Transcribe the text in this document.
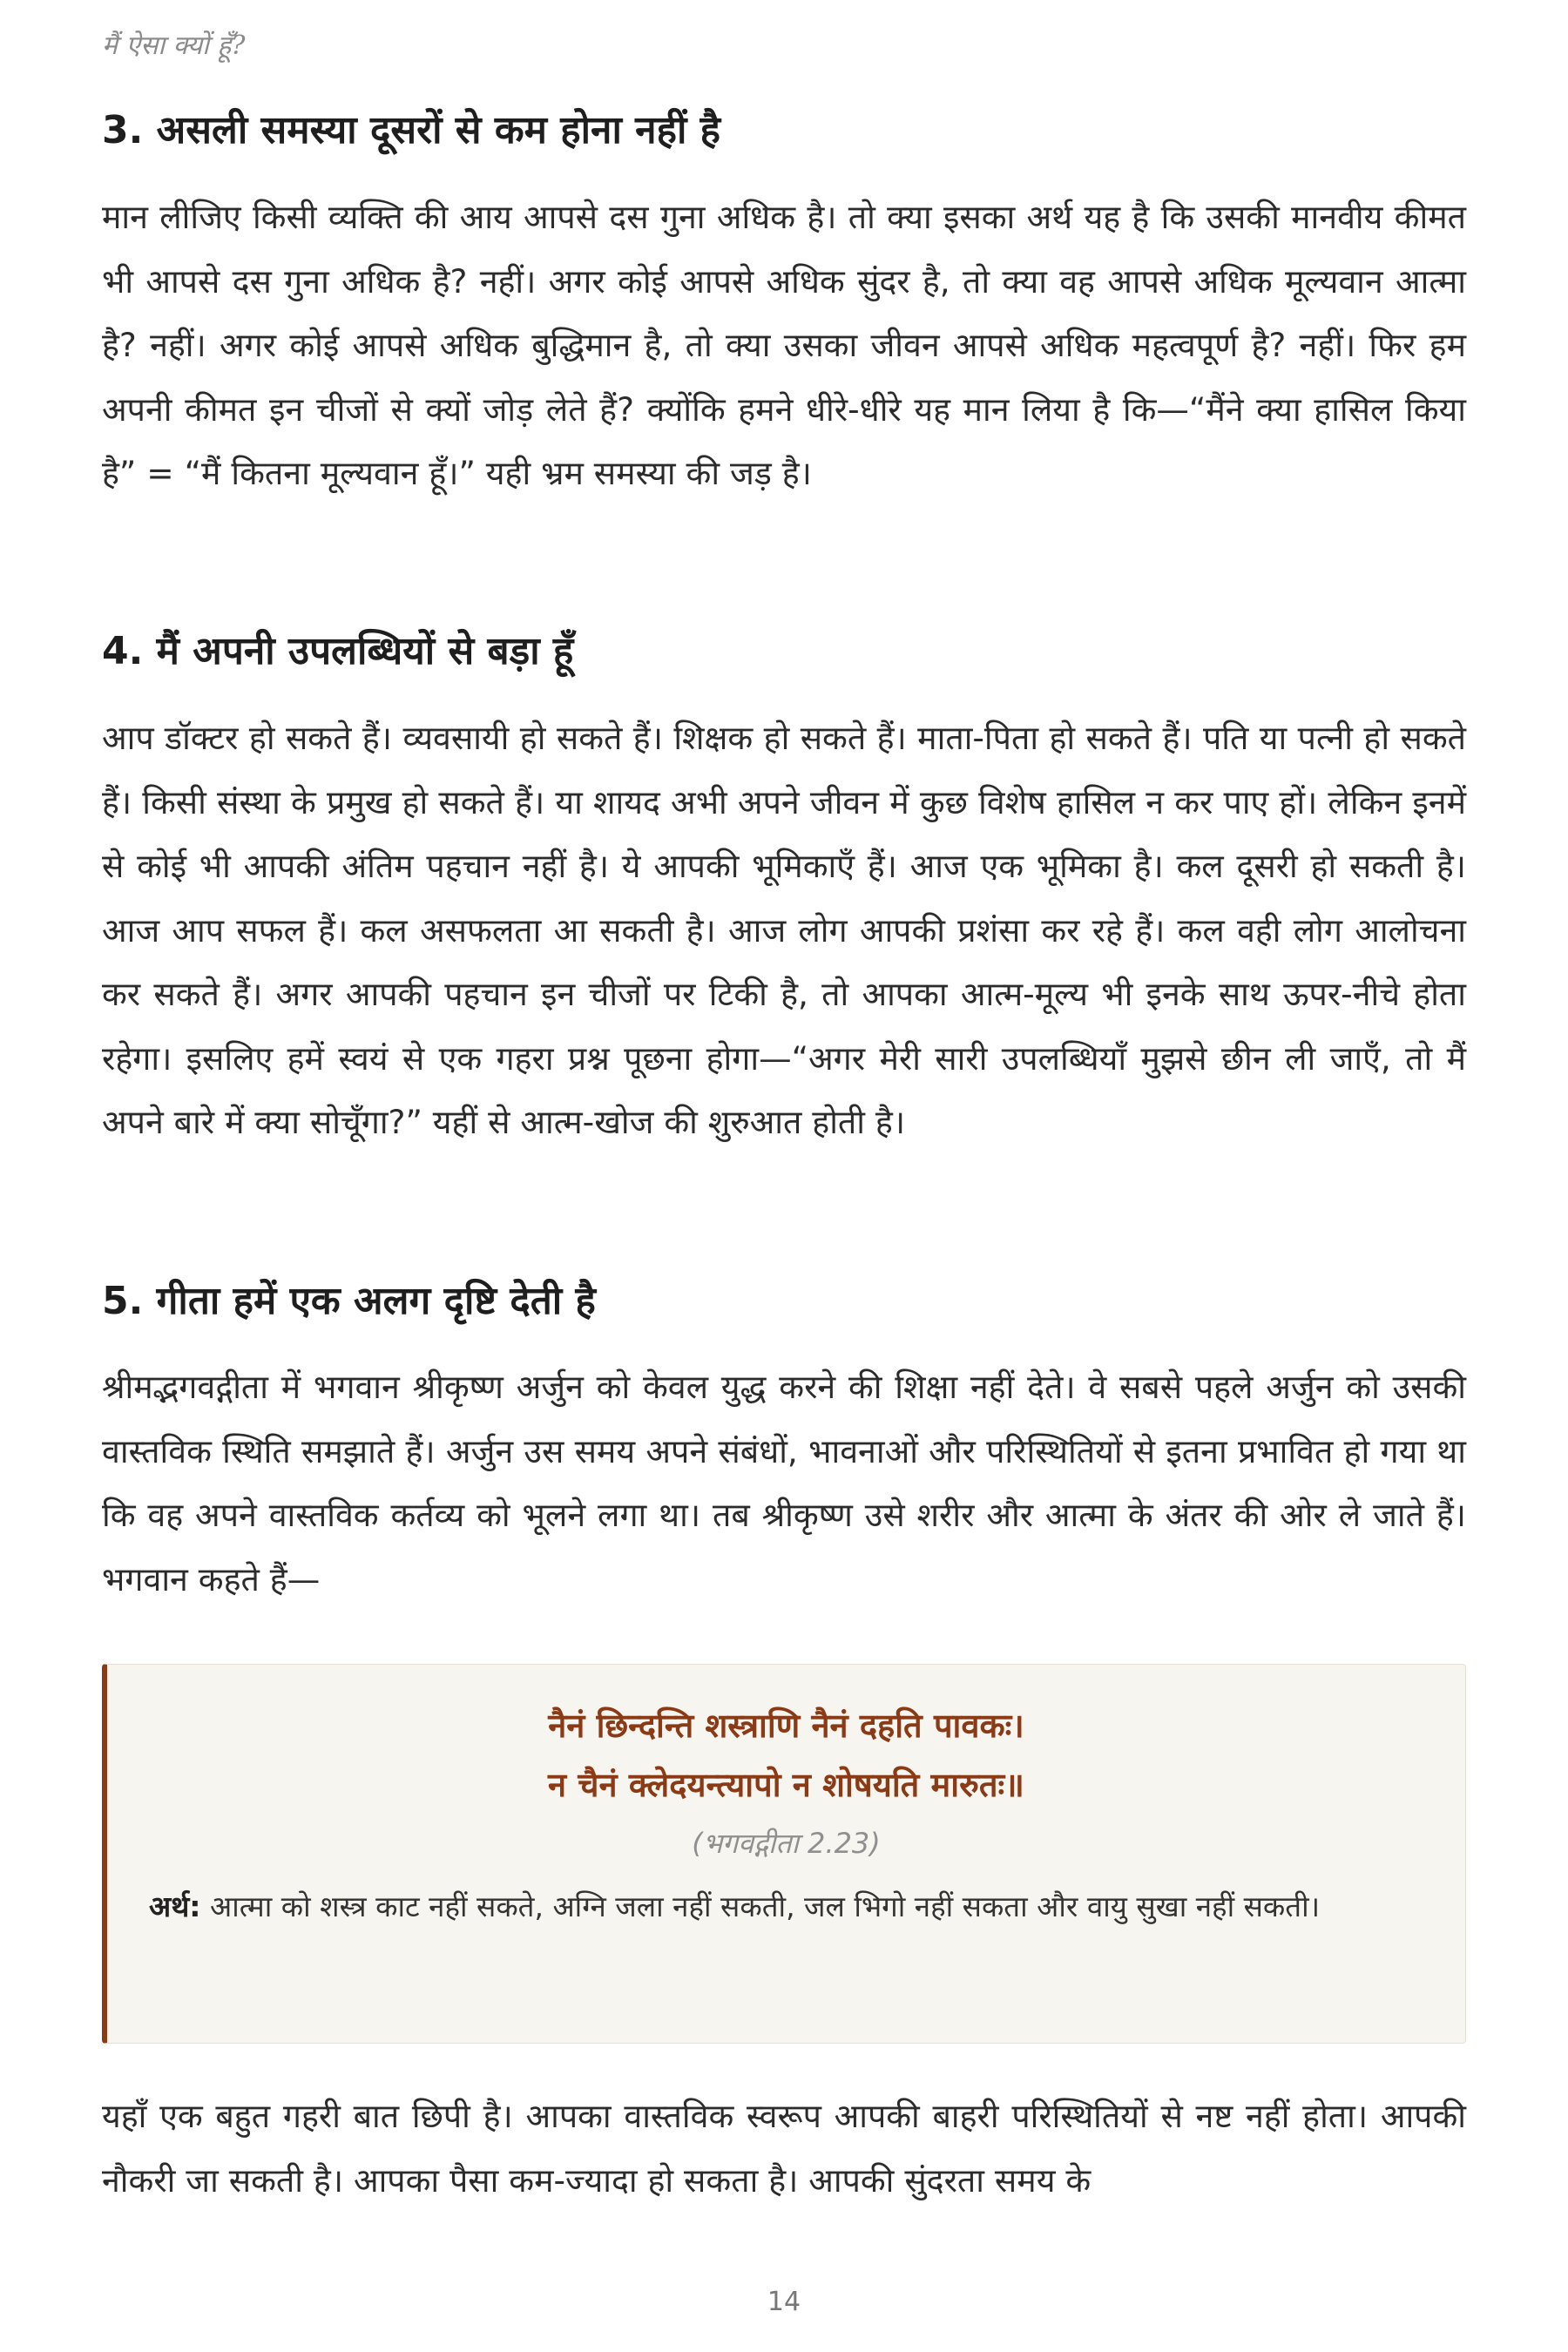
मैं ऐसा क्यों हूँ?
3. असली समस्या दूसरों से कम होना नहीं है

मान लीजिए किसी व्यक्ति की आय आपसे दस गुना अधिक है। तो क्या इसका अर्थ यह है कि उसकी मानवीय कीमत भी आपसे दस गुना अधिक है? नहीं। अगर कोई आपसे अधिक सुंदर है, तो क्या वह आपसे अधिक मूल्यवान आत्मा है? नहीं। अगर कोई आपसे अधिक बुद्धिमान है, तो क्या उसका जीवन आपसे अधिक महत्वपूर्ण है? नहीं। फिर हम अपनी कीमत इन चीजों से क्यों जोड़ लेते हैं? क्योंकि हमने धीरे-धीरे यह मान लिया है कि—“मैंने क्या हासिल किया है” = “मैं कितना मूल्यवान हूँ।” यही भ्रम समस्या की जड़ है।

4. मैं अपनी उपलब्धियों से बड़ा हूँ

आप डॉक्टर हो सकते हैं। व्यवसायी हो सकते हैं। शिक्षक हो सकते हैं। माता-पिता हो सकते हैं। पति या पत्नी हो सकते हैं। किसी संस्था के प्रमुख हो सकते हैं। या शायद अभी अपने जीवन में कुछ विशेष हासिल न कर पाए हों। लेकिन इनमें से कोई भी आपकी अंतिम पहचान नहीं है। ये आपकी भूमिकाएँ हैं। आज एक भूमिका है। कल दूसरी हो सकती है। आज आप सफल हैं। कल असफलता आ सकती है। आज लोग आपकी प्रशंसा कर रहे हैं। कल वही लोग आलोचना कर सकते हैं। अगर आपकी पहचान इन चीजों पर टिकी है, तो आपका आत्म-मूल्य भी इनके साथ ऊपर-नीचे होता रहेगा। इसलिए हमें स्वयं से एक गहरा प्रश्न पूछना होगा—“अगर मेरी सारी उपलब्धियाँ मुझसे छीन ली जाएँ, तो मैं अपने बारे में क्या सोचूँगा?” यहीं से आत्म-खोज की शुरुआत होती है।

5. गीता हमें एक अलग दृष्टि देती है

श्रीमद्भगवद्गीता में भगवान श्रीकृष्ण अर्जुन को केवल युद्ध करने की शिक्षा नहीं देते। वे सबसे पहले अर्जुन को उसकी वास्तविक स्थिति समझाते हैं। अर्जुन उस समय अपने संबंधों, भावनाओं और परिस्थितियों से इतना प्रभावित हो गया था कि वह अपने वास्तविक कर्तव्य को भूलने लगा था। तब श्रीकृष्ण उसे शरीर और आत्मा के अंतर की ओर ले जाते हैं। भगवान कहते हैं—

नैनं छिन्दन्ति शस्त्राणि नैनं दहति पावकः।
न चैनं क्लेदयन्त्यापो न शोषयति मारुतः॥
(भगवद्गीता 2.23)

अर्थ: आत्मा को शस्त्र काट नहीं सकते, अग्नि जला नहीं सकती, जल भिगो नहीं सकता और वायु सुखा नहीं सकती।

यहाँ एक बहुत गहरी बात छिपी है। आपका वास्तविक स्वरूप आपकी बाहरी परिस्थितियों से नष्ट नहीं होता। आपकी नौकरी जा सकती है। आपका पैसा कम-ज्यादा हो सकता है। आपकी सुंदरता समय के

14
